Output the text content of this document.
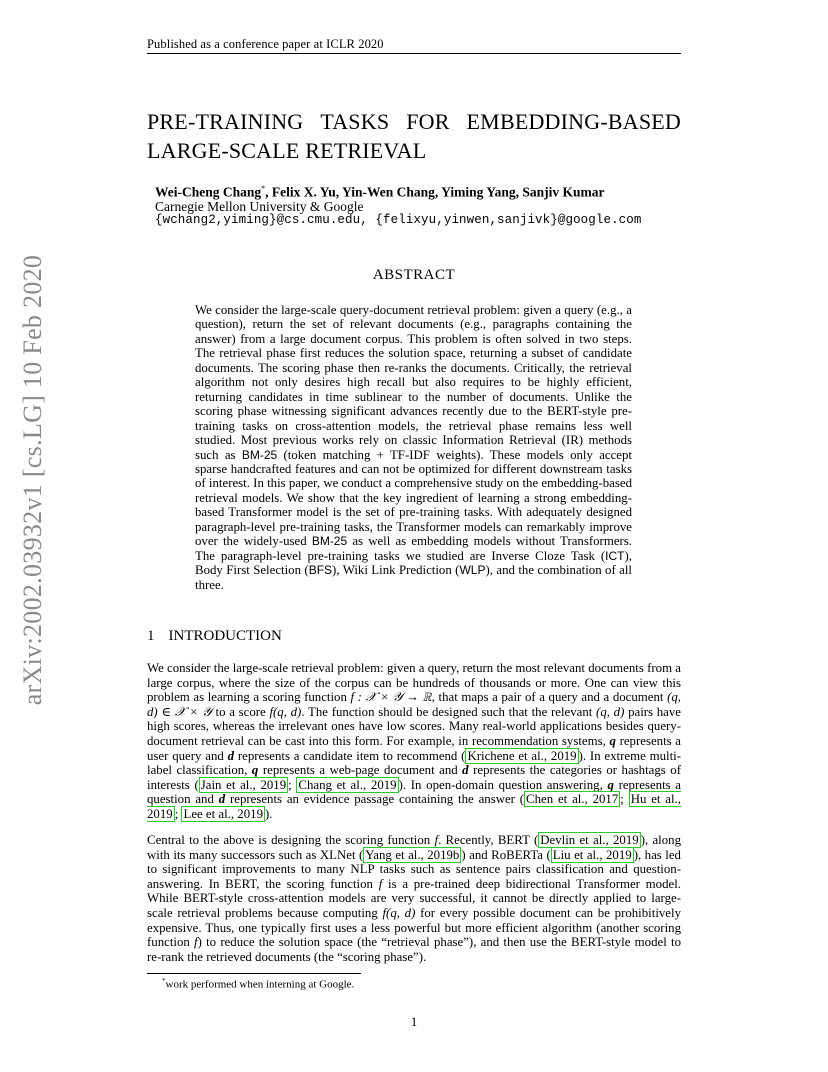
Published as a conference paper at ICLR 2020
arXiv:2002.03932v1 [cs.LG] 10 Feb 2020
PRE-TRAINING TASKS FOR EMBEDDING-BASED
LARGE-SCALE RETRIEVAL
Wei-Cheng Chang*, Felix X. Yu, Yin-Wen Chang, Yiming Yang, Sanjiv Kumar
Carnegie Mellon University & Google
{wchang2,yiming}@cs.cmu.edu, {felixyu,yinwen,sanjivk}@google.com
ABSTRACT
We consider the large-scale query-document retrieval problem: given a query (e.g., a question), return the set of relevant documents (e.g., paragraphs containing the answer) from a large document corpus. This problem is often solved in two steps. The retrieval phase first reduces the solution space, returning a subset of candidate documents. The scoring phase then re-ranks the documents. Critically, the retrieval algorithm not only desires high recall but also requires to be highly efficient, returning candidates in time sublinear to the number of documents. Unlike the scoring phase witnessing significant advances recently due to the BERT-style pre-training tasks on cross-attention models, the retrieval phase remains less well studied. Most previous works rely on classic Information Retrieval (IR) methods such as BM-25 (token matching + TF-IDF weights). These models only accept sparse handcrafted features and can not be optimized for different downstream tasks of interest. In this paper, we conduct a comprehensive study on the embedding-based retrieval models. We show that the key ingredient of learning a strong embedding-based Transformer model is the set of pre-training tasks. With adequately designed paragraph-level pre-training tasks, the Transformer models can remarkably improve over the widely-used BM-25 as well as embedding models without Transformers. The paragraph-level pre-training tasks we studied are Inverse Cloze Task (ICT), Body First Selection (BFS), Wiki Link Prediction (WLP), and the combination of all three.
1 INTRODUCTION
We consider the large-scale retrieval problem: given a query, return the most relevant documents from a large corpus, where the size of the corpus can be hundreds of thousands or more. One can view this problem as learning a scoring function f : 𝒳 × 𝒴 → ℝ, that maps a pair of a query and a document (q, d) ∈ 𝒳 × 𝒴 to a score f(q, d). The function should be designed such that the relevant (q, d) pairs have high scores, whereas the irrelevant ones have low scores. Many real-world applications besides query-document retrieval can be cast into this form. For example, in recommendation systems, q represents a user query and d represents a candidate item to recommend ( Krichene et al., 2019 ). In extreme multi-label classification, q represents a web-page document and d represents the categories or hashtags of interests ( Jain et al., 2019 ; Chang et al., 2019 ). In open-domain question answering, q represents a question and d represents an evidence passage containing the answer ( Chen et al., 2017 ; Hu et al., 2019 ; Lee et al., 2019 ).
Central to the above is designing the scoring function f. Recently, BERT ( Devlin et al., 2019 ), along with its many successors such as XLNet ( Yang et al., 2019b ) and RoBERTa ( Liu et al., 2019 ), has led to significant improvements to many NLP tasks such as sentence pairs classification and question-answering. In BERT, the scoring function f is a pre-trained deep bidirectional Transformer model. While BERT-style cross-attention models are very successful, it cannot be directly applied to large-scale retrieval problems because computing f(q, d) for every possible document can be prohibitively expensive. Thus, one typically first uses a less powerful but more efficient algorithm (another scoring function f) to reduce the solution space (the “retrieval phase”), and then use the BERT-style model to re-rank the retrieved documents (the “scoring phase”).
*work performed when interning at Google.
1
